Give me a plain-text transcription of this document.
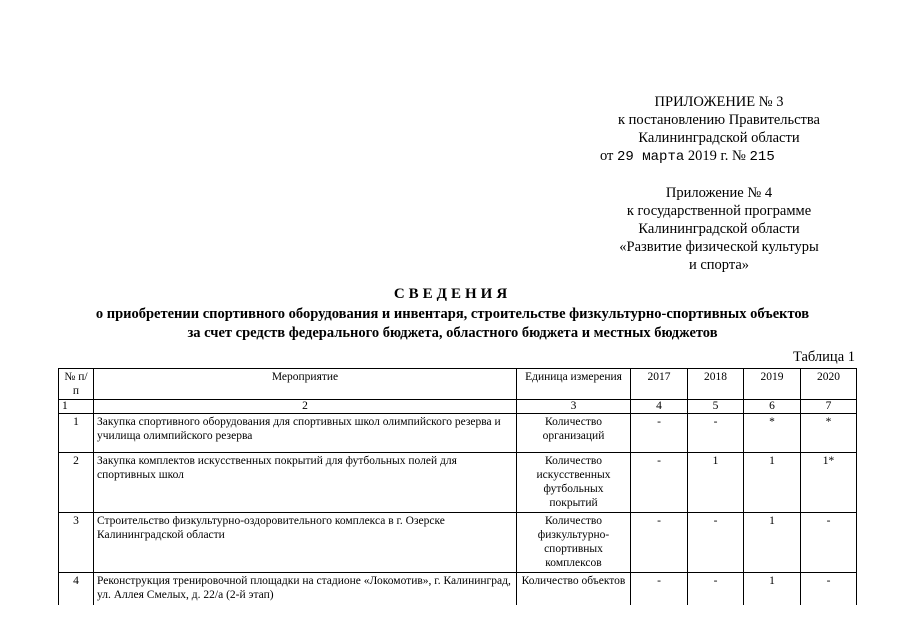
ПРИЛОЖЕНИЕ № 3
к постановлению Правительства
Калининградской области
от 29 марта 2019 г. № 215
Приложение № 4
к государственной программе
Калининградской области
«Развитие физической культуры
и спорта»
СВЕДЕНИЯ
о приобретении спортивного оборудования и инвентаря, строительстве физкультурно-спортивных объектов
за счет средств федерального бюджета, областного бюджета и местных бюджетов
Таблица 1
№ п/п	Мероприятие	Единица измерения	2017	2018	2019	2020
1	2	3	4	5	6	7
1	Закупка спортивного оборудования для спортивных школ олимпийского резерва и училища олимпийского резерва	Количество организаций	-	-	*	*
2	Закупка комплектов искусственных покрытий для футбольных полей для спортивных школ	Количество искусственных футбольных покрытий	-	1	1	1*
3	Строительство физкультурно-оздоровительного комплекса в г. Озерске Калининградской области	Количество физкультурно-спортивных комплексов	-	-	1	-
4	Реконструкция тренировочной площадки на стадионе «Локомотив», г. Калининград, ул. Аллея Смелых, д. 22/а (2-й этап)	Количество объектов	-	-	1	-
